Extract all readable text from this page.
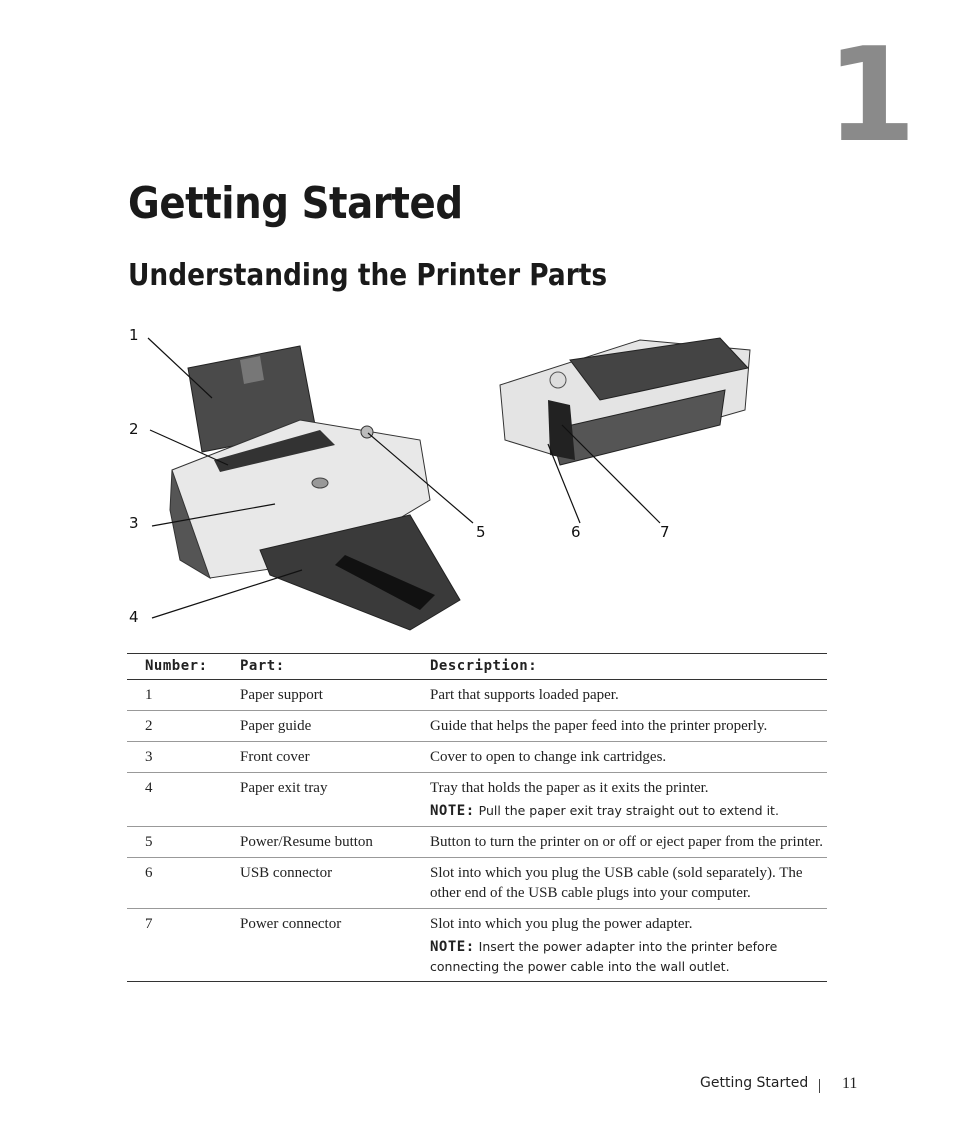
1
Getting Started
Understanding the Printer Parts
1
2
3
4
5	6	7
Number:	Part:	Description:
1	Paper support	Part that supports loaded paper.
2	Paper guide	Guide that helps the paper feed into the printer properly.
3	Front cover	Cover to open to change ink cartridges.
4	Paper exit tray	Tray that holds the paper as it exits the printer.
NOTE: Pull the paper exit tray straight out to extend it.

5	Power/Resume button	Button to turn the printer on or off or eject paper from the printer.
6	USB connector	Slot into which you plug the USB cable (sold separately). The other end of the USB cable plugs into your computer.
7	Power connector	Slot into which you plug the power adapter.
NOTE: Insert the power adapter into the printer before connecting the power cable into the wall outlet.
Getting Started 11
